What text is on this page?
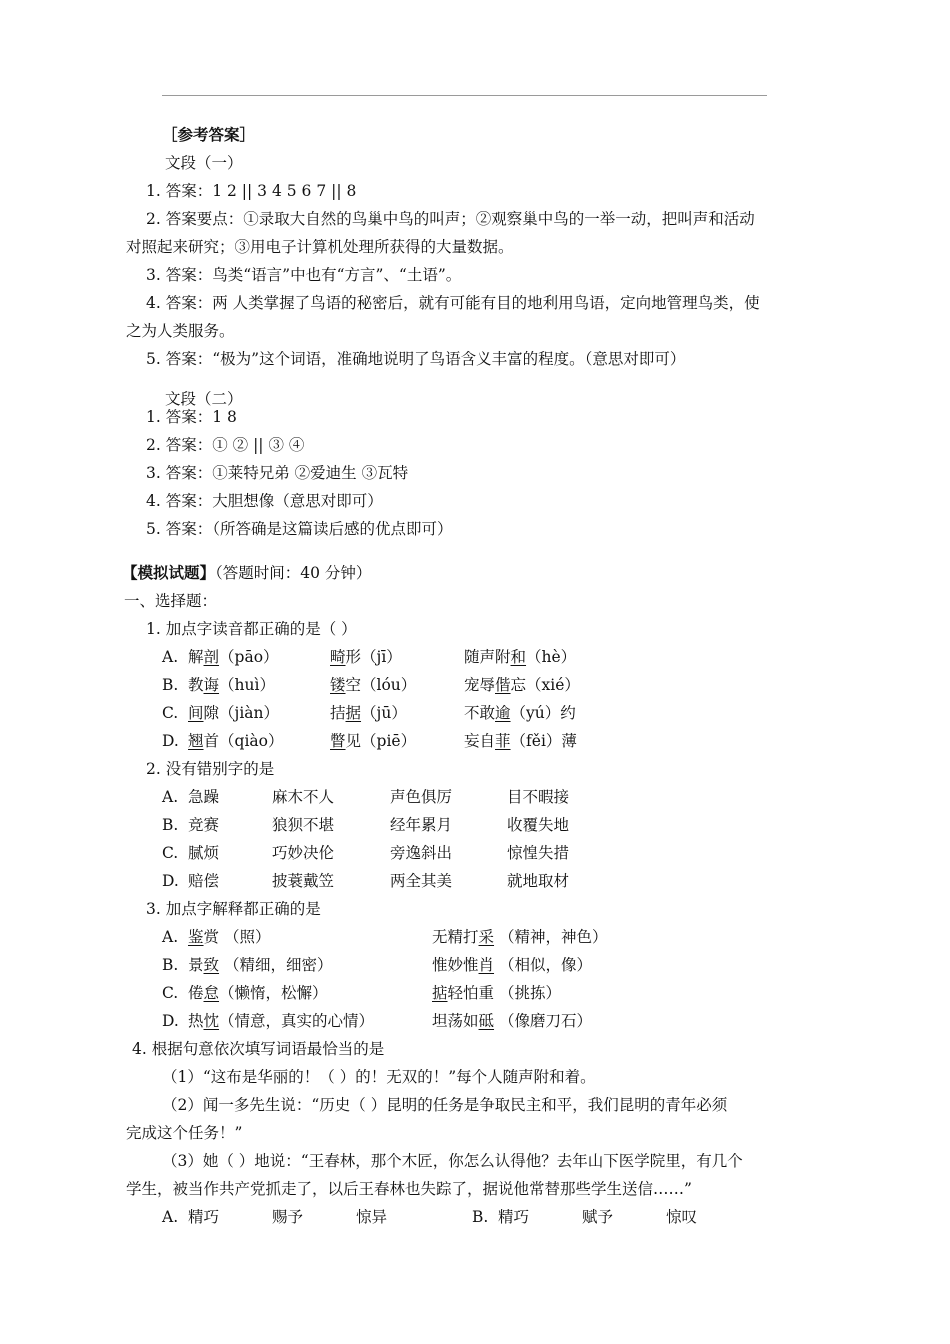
［参考答案］
文段（一）
1. 答案：1 2 || 3 4 5 6 7 || 8
2. 答案要点：①录取大自然的鸟巢中鸟的叫声；②观察巢中鸟的一举一动，把叫声和活动
对照起来研究；③用电子计算机处理所获得的大量数据。
3. 答案：鸟类“语言”中也有“方言”、“土语”。
4. 答案：两 人类掌握了鸟语的秘密后，就有可能有目的地利用鸟语，定向地管理鸟类，使
之为人类服务。
5. 答案：“极为”这个词语，准确地说明了鸟语含义丰富的程度。（意思对即可）
文段（二）
1. 答案：1 8
2. 答案：① ② || ③ ④
3. 答案：①莱特兄弟 ②爱迪生 ③瓦特
4. 答案：大胆想像（意思对即可）
5. 答案：（所答确是这篇读后感的优点即可）
【模拟试题】（答题时间：40 分钟）
一、选择题：
1. 加点字读音都正确的是（ ）
A. 解剖（pāo）	畸形（jī）	随声附和（hè）
B. 教诲（huì）	镂空（lóu）	宠辱偕忘（xié）
C. 间隙（jiàn）	拮据（jū）	不敢逾（yú）约
D. 翘首（qiào）	瞥见（piē）	妄自菲（fěi）薄
2. 没有错别字的是
A. 急躁	麻木不人	声色俱厉	目不暇接
B. 竞赛	狼狈不堪	经年累月	收覆失地
C. 腻烦	巧妙决伦	旁逸斜出	惊惶失措
D. 赔偿	披蓑戴笠	两全其美	就地取材
3. 加点字解释都正确的是
A. 鉴赏 （照）	无精打采 （精神，神色）
B. 景致 （精细，细密）	惟妙惟肖 （相似，像）
C. 倦怠（懒惰，松懈）	掂轻怕重 （挑拣）
D. 热忱（情意，真实的心情）	坦荡如砥 （像磨刀石）
4. 根据句意依次填写词语最恰当的是
（1）“这布是华丽的！（ ）的！无双的！”每个人随声附和着。
（2）闻一多先生说：“历史（ ）昆明的任务是争取民主和平，我们昆明的青年必须
完成这个任务！”
（3）她（ ）地说：“王春林，那个木匠，你怎么认得他？去年山下医学院里，有几个
学生，被当作共产党抓走了，以后王春林也失踪了，据说他常替那些学生送信……”
A. 精巧	赐予	惊异	B. 精巧	赋予	惊叹
